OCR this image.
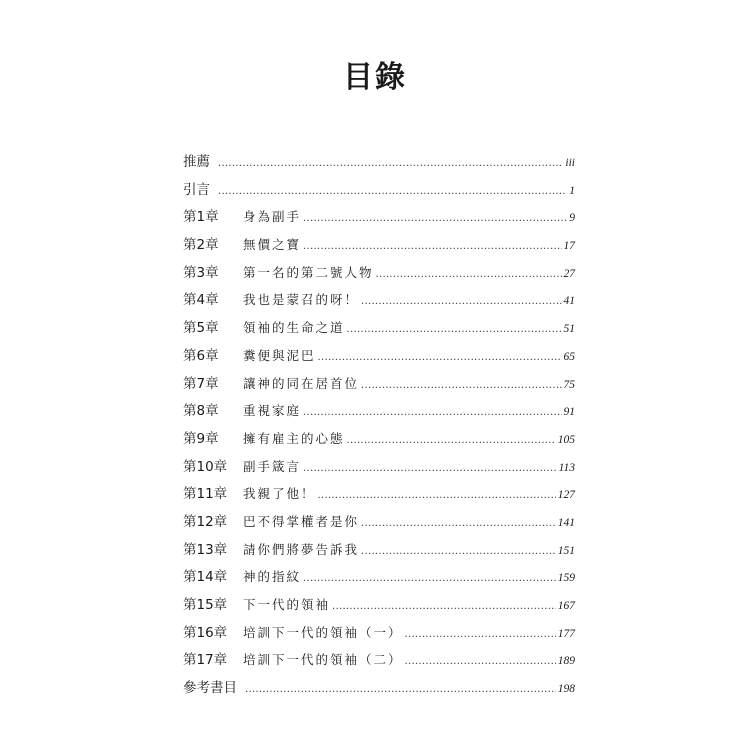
目錄
推薦 .....	iii
引言 .....	1
第1章	身為副手 .....	9
第2章	無價之寶 .....	17
第3章	第一名的第二號人物 .....	27
第4章	我也是蒙召的呀！ .....	41
第5章	領袖的生命之道 .....	51
第6章	糞便與泥巴 .....	65
第7章	讓神的同在居首位 .....	75
第8章	重視家庭 .....	91
第9章	擁有雇主的心態 .....	105
第10章	副手箴言 .....	113
第11章	我親了他！ .....	127
第12章	巴不得掌權者是你 .....	141
第13章	請你們將夢告訴我 .....	151
第14章	神的指紋 .....	159
第15章	下一代的領袖 .....	167
第16章	培訓下一代的領袖（一） .....	177
第17章	培訓下一代的領袖（二） .....	189
參考書目 .....	198
